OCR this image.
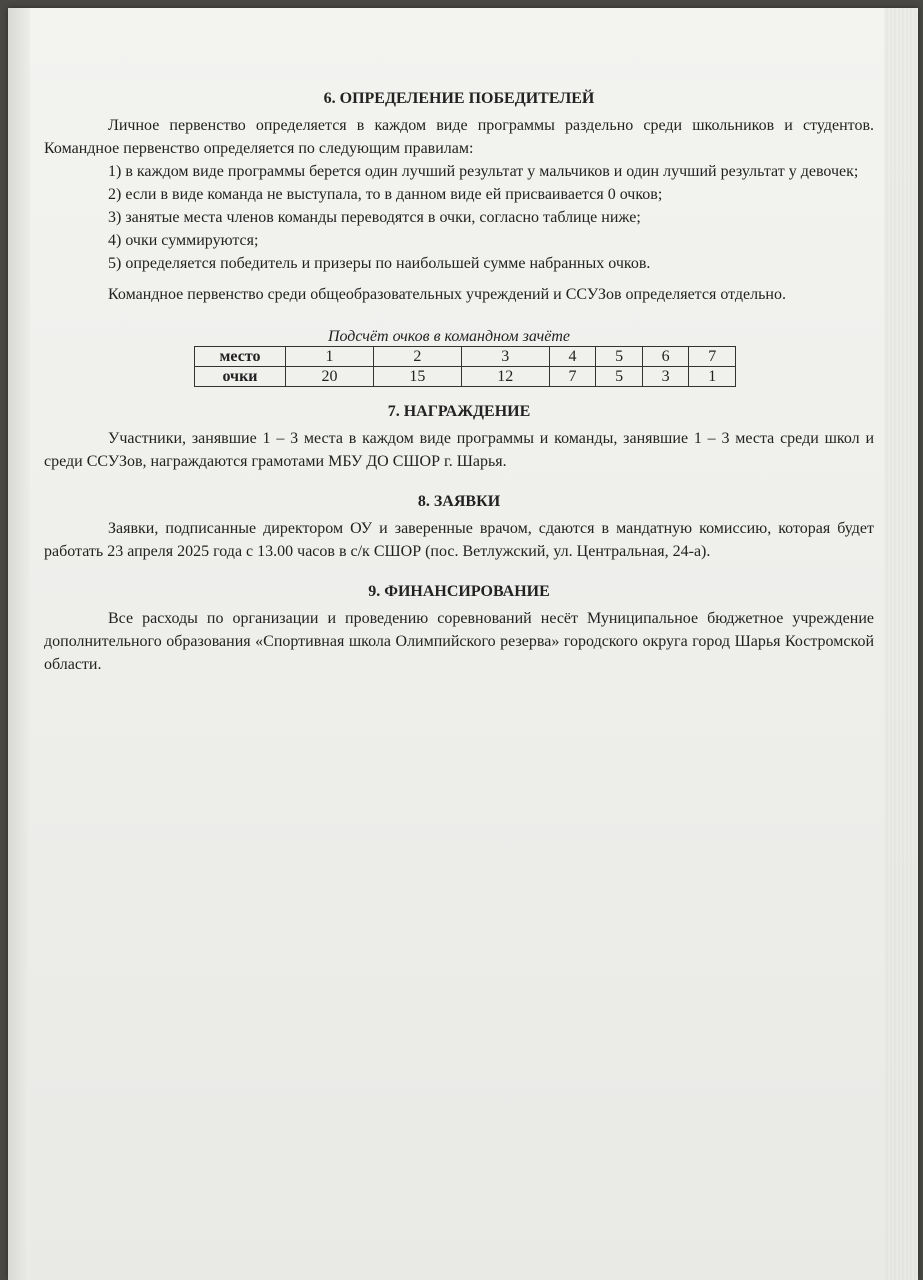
6. ОПРЕДЕЛЕНИЕ ПОБЕДИТЕЛЕЙ

Личное первенство определяется в каждом виде программы раздельно среди школьников и студентов. Командное первенство определяется по следующим правилам:

1) в каждом виде программы берется один лучший результат у мальчиков и один лучший результат у девочек;

2) если в виде команда не выступала, то в данном виде ей присваивается 0 очков;

3) занятые места членов команды переводятся в очки, согласно таблице ниже;

4) очки суммируются;

5) определяется победитель и призеры по наибольшей сумме набранных очков.

Командное первенство среди общеобразовательных учреждений и ССУЗов определяется отдельно.

Подсчёт очков в командном зачёте
место	1	2	3	4	5	6	7
очки	20	15	12	7	5	3	1
7. НАГРАЖДЕНИЕ

Участники, занявшие 1 – 3 места в каждом виде программы и команды, занявшие 1 – 3 места среди школ и среди ССУЗов, награждаются грамотами МБУ ДО СШОР г. Шарья.

8. ЗАЯВКИ

Заявки, подписанные директором ОУ и заверенные врачом, сдаются в мандатную комиссию, которая будет работать 23 апреля 2025 года с 13.00 часов в с/к СШОР (пос. Ветлужский, ул. Центральная, 24-а).

9. ФИНАНСИРОВАНИЕ

Все расходы по организации и проведению соревнований несёт Муниципальное бюджетное учреждение дополнительного образования «Спортивная школа Олимпийского резерва» городского округа город Шарья Костромской области.
